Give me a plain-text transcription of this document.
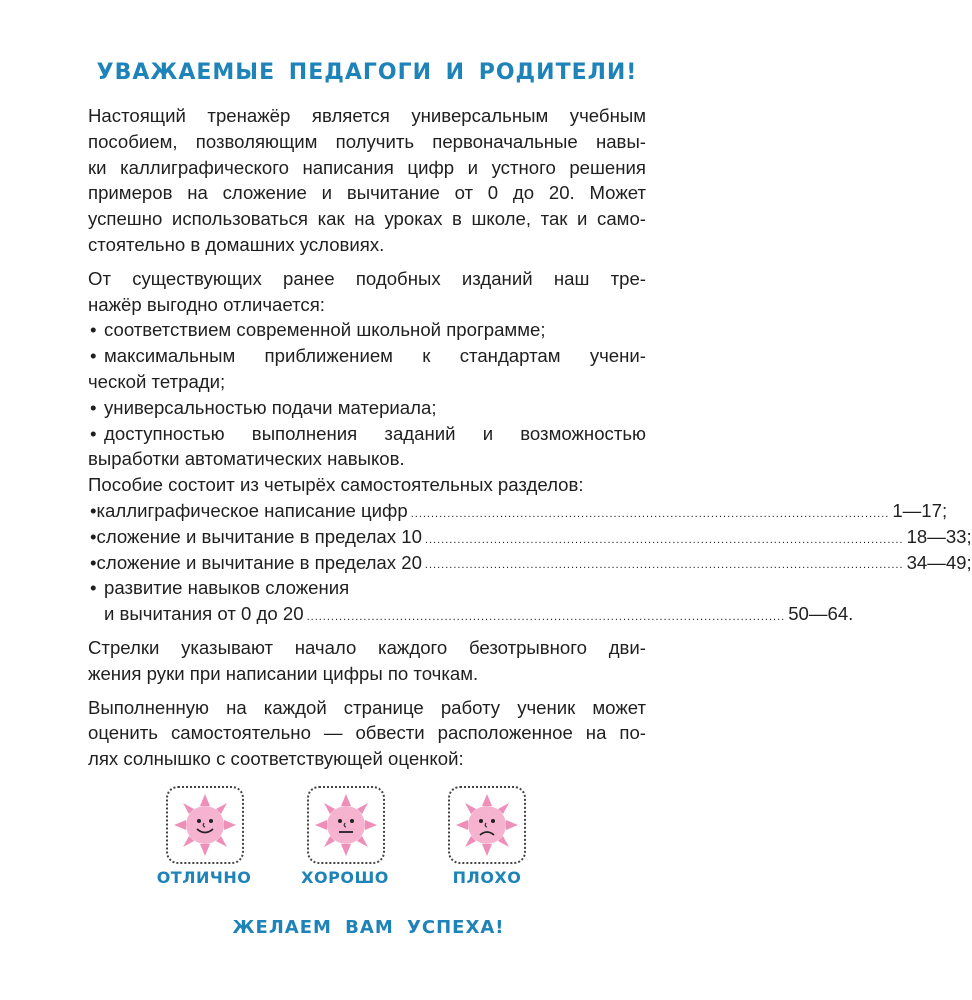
УВАЖАЕМЫЕ ПЕДАГОГИ И РОДИТЕЛИ!
Настоящий тренажёр является универсальным учебным
пособием, позволяющим получить первоначальные навы-
ки каллиграфического написания цифр и устного решения
примеров на сложение и вычитание от 0 до 20. Может
успешно использоваться как на уроках в школе, так и само-
стоятельно в домашних условиях.
От существующих ранее подобных изданий наш тре-
нажёр выгодно отличается:
• соответствием современной школьной программе;
• максимальным приближением к стандартам учени-
ческой тетради;
• универсальностью подачи материала;
• доступностью выполнения заданий и возможностью
выработки автоматических навыков.
Пособие состоит из четырёх самостоятельных разделов:
• каллиграфическое написание цифр ...................................................................................................................... 1—17;
• сложение и вычитание в пределах 10 ...................................................................................................................... 18—33;
• сложение и вычитание в пределах 20 ...................................................................................................................... 34—49;
• развитие навыков сложения
и вычитания от 0 до 20 ...................................................................................................................... 50—64.
Стрелки указывают начало каждого безотрывного дви-
жения руки при написании цифры по точкам.
Выполненную на каждой странице работу ученик может
оценить самостоятельно — обвести расположенное на по-
лях солнышко с соответствующей оценкой:
ОТЛИЧНО	ХОРОШО	ПЛОХО
ЖЕЛАЕМ ВАМ УСПЕХА!
